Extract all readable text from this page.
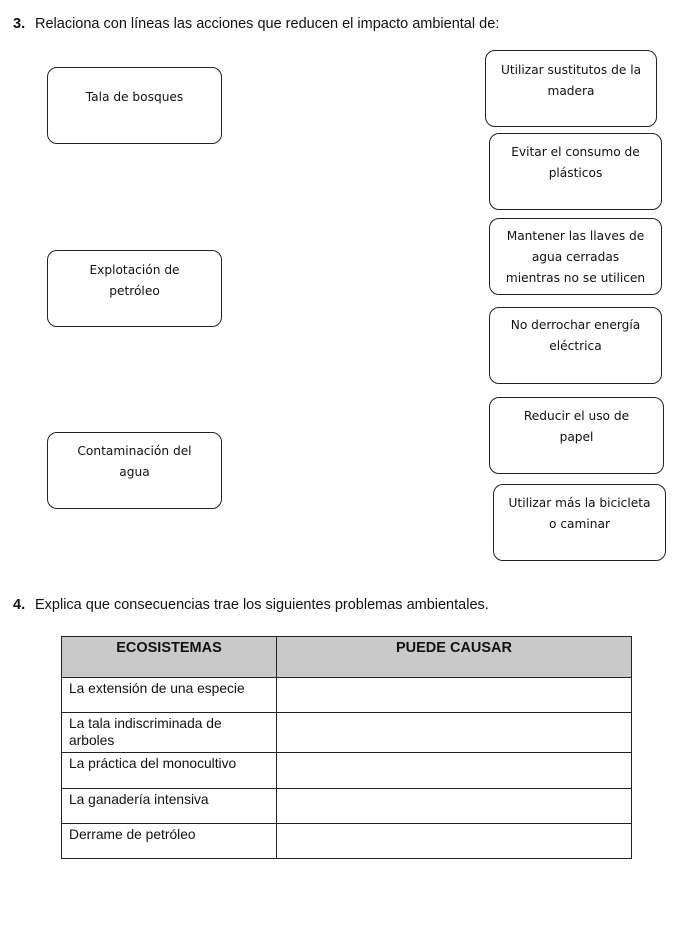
3. Relaciona con líneas las acciones que reducen el impacto ambiental de:
Tala de bosques
Explotación de
petróleo
Contaminación del
agua
Utilizar sustitutos de la
madera
Evitar el consumo de
plásticos
Mantener las llaves de
agua cerradas
mientras no se utilicen
No derrochar energía
eléctrica
Reducir el uso de
papel
Utilizar más la bicicleta
o caminar
4. Explica que consecuencias trae los siguientes problemas ambientales.
ECOSISTEMAS	PUEDE CAUSAR
La extensión de una especie	
La tala indiscriminada de arboles	
La práctica del monocultivo	
La ganadería intensiva	
Derrame de petróleo	
